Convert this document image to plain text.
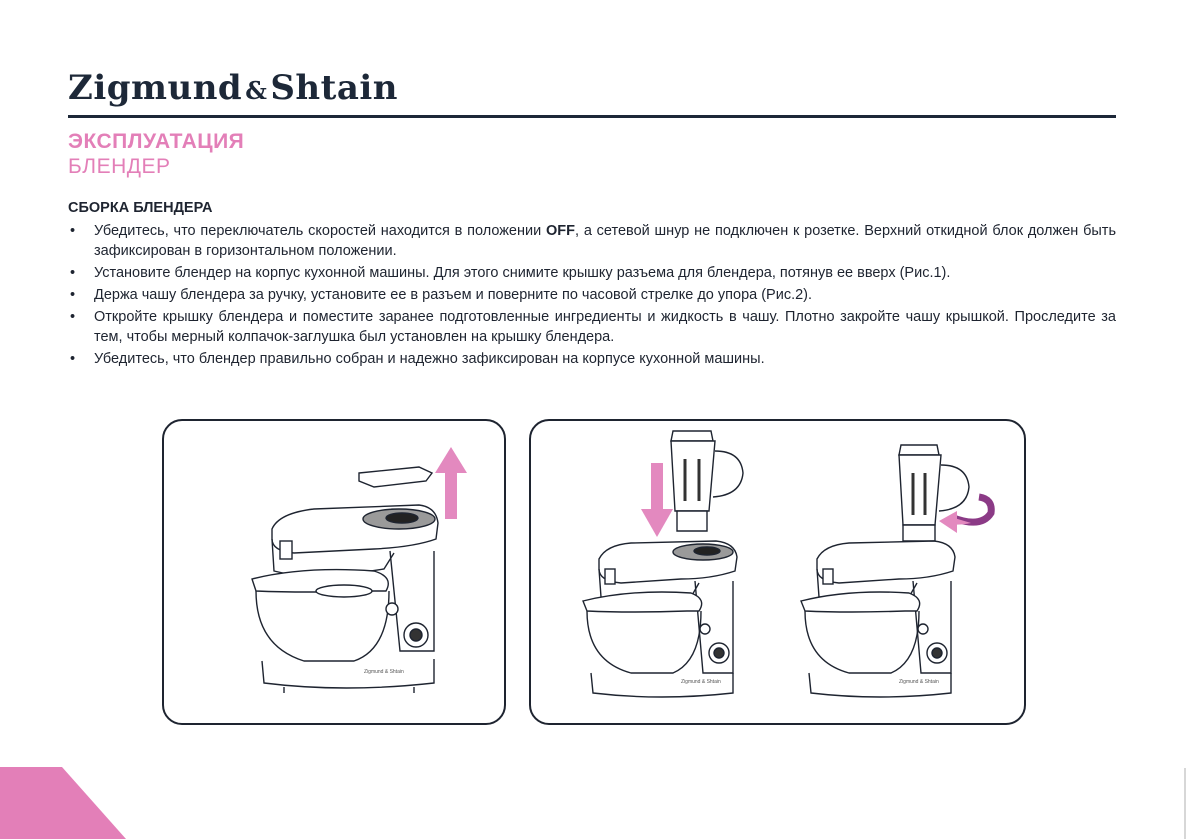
Zigmund &Shtain
ЭКСПЛУАТАЦИЯ
БЛЕНДЕР
СБОРКА БЛЕНДЕРА
• Убедитесь, что переключатель скоростей находится в положении OFF, а сетевой шнур не подключен к розетке. Верхний откидной блок должен быть зафиксирован в горизонтальном положении.
• Установите блендер на корпус кухонной машины. Для этого снимите крышку разъема для блендера, потянув ее вверх (Рис.1).
• Держа чашу блендера за ручку, установите ее в разъем и поверните по часовой стрелке до упора (Рис.2).
• Откройте крышку блендера и поместите заранее подготовленные ингредиенты и жидкость в чашу. Плотно закройте чашу крышкой. Проследите за тем, чтобы мерный колпачок-заглушка был установлен на крышку блендера.
• Убедитесь, что блендер правильно собран и надежно зафиксирован на корпусе кухонной машины.
Zigmund & Shtain
Zigmund & Shtain	Zigmund & Shtain
